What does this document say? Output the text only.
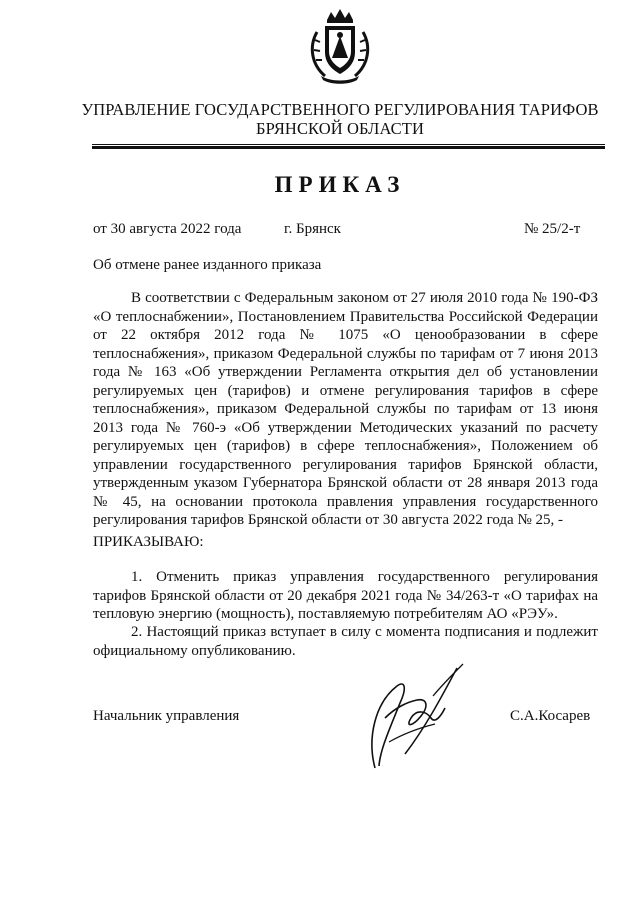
УПРАВЛЕНИЕ ГОСУДАРСТВЕННОГО РЕГУЛИРОВАНИЯ ТАРИФОВ
БРЯНСКОЙ ОБЛАСТИ
ПРИКАЗ
от 30 августа 2022 года	г. Брянск	№ 25/2-т
Об отмене ранее изданного приказа

В соответствии с Федеральным законом от 27 июля 2010 года № 190-ФЗ «О теплоснабжении», Постановлением Правительства Российской Федерации от 22 октября 2012 года № 1075 «О ценообразовании в сфере теплоснабжения», приказом Федеральной службы по тарифам от 7 июня 2013 года № 163 «Об утверждении Регламента открытия дел об установлении регулируемых цен (тарифов) и отмене регулирования тарифов в сфере теплоснабжения», приказом Федеральной службы по тарифам от 13 июня 2013 года № 760-э «Об утверждении Методических указаний по расчету регулируемых цен (тарифов) в сфере теплоснабжения», Положением об управлении государственного регулирования тарифов Брянской области, утвержденным указом Губернатора Брянской области от 28 января 2013 года № 45, на основании протокола правления управления государственного регулирования тарифов Брянской области от 30 августа 2022 года № 25, -

ПРИКАЗЫВАЮ:

1. Отменить приказ управления государственного регулирования тарифов Брянской области от 20 декабря 2021 года № 34/263-т «О тарифах на тепловую энергию (мощность), поставляемую потребителям АО «РЭУ».

2. Настоящий приказ вступает в силу с момента подписания и подлежит официальному опубликованию.

Начальник управления	С.А.Косарев
